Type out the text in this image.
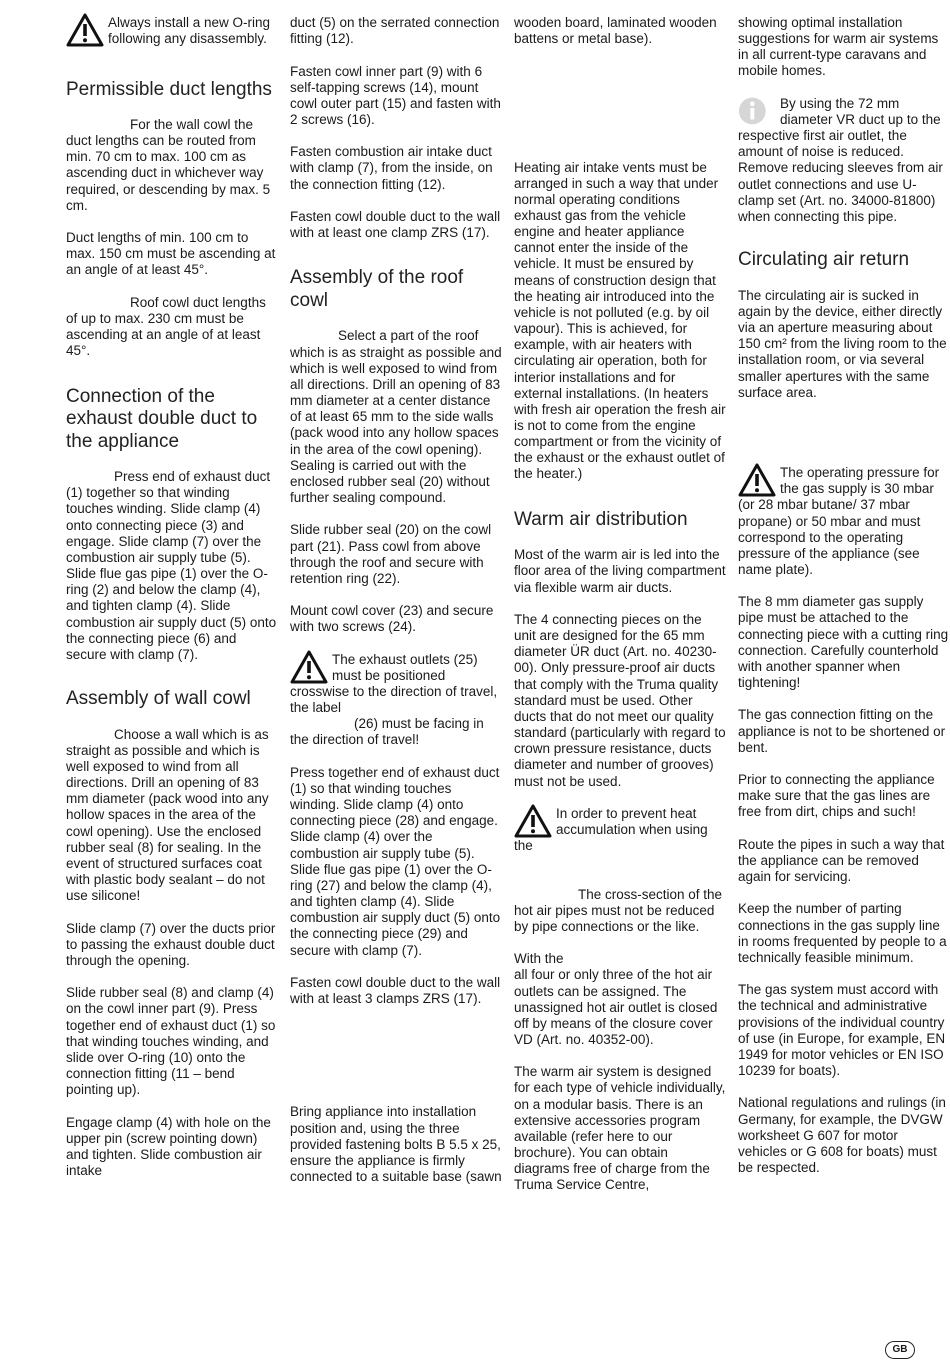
Always install a new O-ring following any disassembly.

Permissible duct lengths

For the wall cowl the duct lengths can be routed from min. 70 cm to max. 100 cm as ascending duct in whichever way required, or descending by max. 5 cm.

Duct lengths of min. 100 cm to max. 150 cm must be ascending at an angle of at least 45°.

Roof cowl duct lengths of up to max. 230 cm must be ascending at an angle of at least 45°.

Connection of the exhaust double duct to the appliance

Press end of exhaust duct (1) together so that winding touches winding. Slide clamp (4) onto connecting piece (3) and engage. Slide clamp (7) over the combustion air supply tube (5). Slide flue gas pipe (1) over the O-ring (2) and below the clamp (4), and tighten clamp (4). Slide combustion air supply duct (5) onto the connecting piece (6) and secure with clamp (7).

Assembly of wall cowl

Choose a wall which is as straight as possible and which is well exposed to wind from all directions. Drill an opening of 83 mm diameter (pack wood into any hollow spaces in the area of the cowl opening). Use the enclosed rubber seal (8) for sealing. In the event of structured surfaces coat with plastic body sealant – do not use silicone!

Slide clamp (7) over the ducts prior to passing the exhaust double duct through the opening.

Slide rubber seal (8) and clamp (4) on the cowl inner part (9). Press together end of exhaust duct (1) so that winding touches winding, and slide over O-ring (10) onto the connection fitting (11 – bend pointing up).

Engage clamp (4) with hole on the upper pin (screw pointing down) and tighten. Slide combustion air intake

duct (5) on the serrated connection fitting (12).

Fasten cowl inner part (9) with 6 self-tapping screws (14), mount cowl outer part (15) and fasten with 2 screws (16).

Fasten combustion air intake duct with clamp (7), from the inside, on the connection fitting (12).

Fasten cowl double duct to the wall with at least one clamp ZRS (17).

Assembly of the roof cowl

Select a part of the roof which is as straight as possible and which is well exposed to wind from all directions. Drill an opening of 83 mm diameter at a center distance of at least 65 mm to the side walls (pack wood into any hollow spaces in the area of the cowl opening). Sealing is carried out with the enclosed rubber seal (20) without further sealing compound.

Slide rubber seal (20) on the cowl part (21). Pass cowl from above through the roof and secure with retention ring (22).

Mount cowl cover (23) and secure with two screws (24).

The exhaust outlets (25) must be positioned crosswise to the direction of travel, the label
(26) must be facing in the direction of travel!

Press together end of exhaust duct (1) so that winding touches winding. Slide clamp (4) onto connecting piece (28) and engage. Slide clamp (4) over the combustion air supply tube (5). Slide flue gas pipe (1) over the O-ring (27) and below the clamp (4), and tighten clamp (4). Slide combustion air supply duct (5) onto the connecting piece (29) and secure with clamp (7).

Fasten cowl double duct to the wall with at least 3 clamps ZRS (17).

Bring appliance into installation position and, using the three provided fastening bolts B 5.5 x 25, ensure the appliance is firmly connected to a suitable base (sawn

wooden board, laminated wooden battens or metal base).

Heating air intake vents must be arranged in such a way that under normal operating conditions exhaust gas from the vehicle engine and heater appliance cannot enter the inside of the vehicle. It must be ensured by means of construction design that the heating air introduced into the vehicle is not polluted (e.g. by oil vapour). This is achieved, for example, with air heaters with circulating air operation, both for interior installations and for external installations. (In heaters with fresh air operation the fresh air is not to come from the engine compartment or from the vicinity of the exhaust or the exhaust outlet of the heater.)

Warm air distribution

Most of the warm air is led into the floor area of the living compartment via flexible warm air ducts.

The 4 connecting pieces on the unit are designed for the 65 mm diameter ÜR duct (Art. no. 40230-00). Only pressure-proof air ducts that comply with the Truma quality standard must be used. Other ducts that do not meet our quality standard (particularly with regard to crown pressure resistance, ducts diameter and number of grooves) must not be used.

In order to prevent heat accumulation when using the

The cross-section of the hot air pipes must not be reduced by pipe connections or the like.

With the
all four or only three of the hot air outlets can be assigned. The unassigned hot air outlet is closed off by means of the closure cover VD (Art. no. 40352-00).

The warm air system is designed for each type of vehicle individually, on a modular basis. There is an extensive accessories program available (refer here to our brochure). You can obtain diagrams free of charge from the Truma Service Centre,

showing optimal installation suggestions for warm air systems in all current-type caravans and mobile homes.

By using the 72 mm diameter VR duct up to the respective first air outlet, the amount of noise is reduced. Remove reducing sleeves from air outlet connections and use U-clamp set (Art. no. 34000-81800) when connecting this pipe.

Circulating air return

The circulating air is sucked in again by the device, either directly via an aperture measuring about 150 cm² from the living room to the installation room, or via several smaller apertures with the same surface area.

The operating pressure for the gas supply is 30 mbar (or 28 mbar butane/ 37 mbar propane) or 50 mbar and must correspond to the operating pressure of the appliance (see name plate).

The 8 mm diameter gas supply pipe must be attached to the connecting piece with a cutting ring connection. Carefully counterhold with another spanner when tightening!

The gas connection fitting on the appliance is not to be shortened or bent.

Prior to connecting the appliance make sure that the gas lines are free from dirt, chips and such!

Route the pipes in such a way that the appliance can be removed again for servicing.

Keep the number of parting connections in the gas supply line in rooms frequented by people to a technically feasible minimum.

The gas system must accord with the technical and administrative provisions of the individual country of use (in Europe, for example, EN 1949 for motor vehicles or EN ISO 10239 for boats).

National regulations and rulings (in Germany, for example, the DVGW worksheet G 607 for motor vehicles or G 608 for boats) must be respected.

GB
